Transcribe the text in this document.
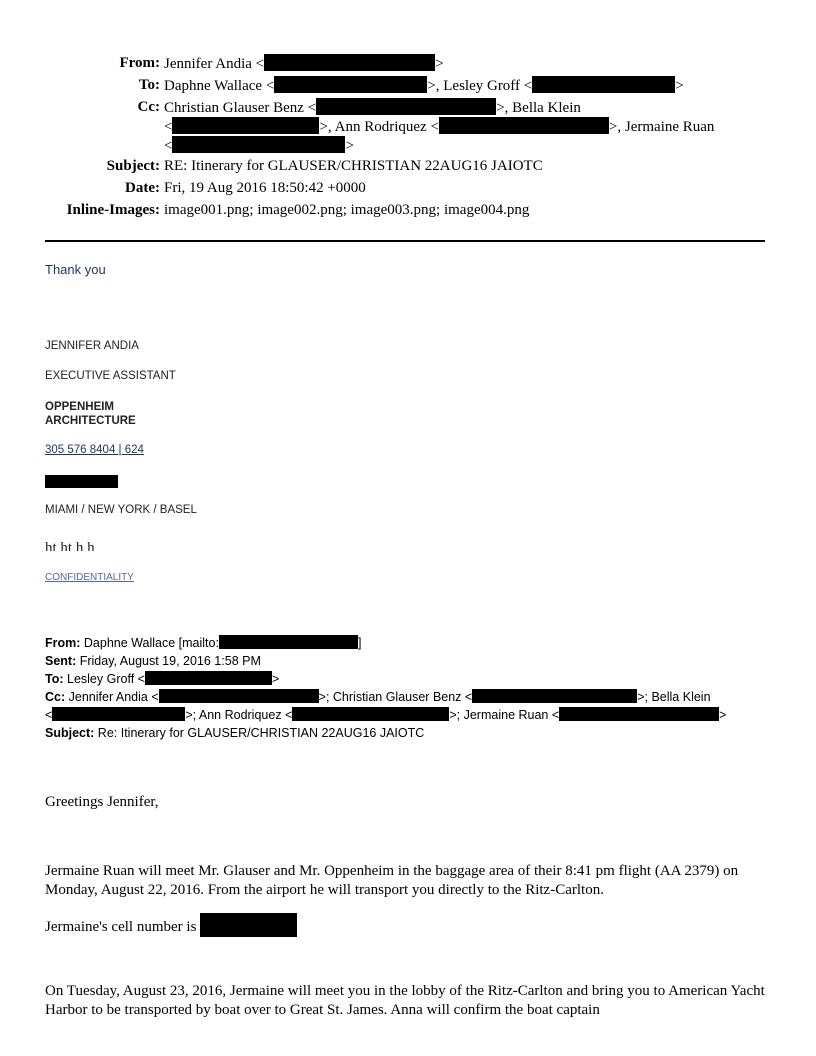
From: Jennifer Andia <	>
To: Daphne Wallace <	>, Lesley Groff <	>
Cc: Christian Glauser Benz <	>, Bella Klein
<	>, Ann Rodriquez <	>, Jermaine Ruan
<	>
Subject: RE: Itinerary for GLAUSER/CHRISTIAN 22AUG16 JAIOTC
Date: Fri, 19 Aug 2016 18:50:42 +0000
Inline-Images: image001.png; image002.png; image003.png; image004.png
Thank you
JENNIFER ANDIA
EXECUTIVE ASSISTANT
OPPENHEIM
ARCHITECTURE
305 576 8404 | 624
MIAMI / NEW YORK / BASEL
ht ht h h
CONFIDENTIALITY
From: Daphne Wallace [mailto:	]
Sent: Friday, August 19, 2016 1:58 PM
To: Lesley Groff <	>
Cc: Jennifer Andia <	>; Christian Glauser Benz <	>; Bella Klein
<	>; Ann Rodriquez <	>; Jermaine Ruan <	>
Subject: Re: Itinerary for GLAUSER/CHRISTIAN 22AUG16 JAIOTC
Greetings Jennifer,
Jermaine Ruan will meet Mr. Glauser and Mr. Oppenheim in the baggage area of their 8:41 pm flight (AA 2379) on Monday, August 22, 2016. From the airport he will transport you directly to the Ritz-Carlton.
Jermaine's cell number is
On Tuesday, August 23, 2016, Jermaine will meet you in the lobby of the Ritz-Carlton and bring you to American Yacht Harbor to be transported by boat over to Great St. James. Anna will confirm the boat captain
